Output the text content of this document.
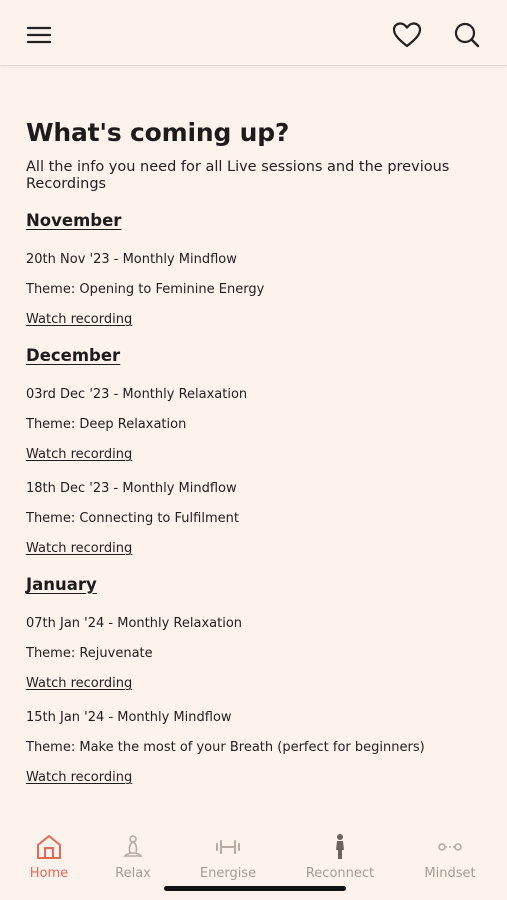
What's coming up?

All the info you need for all Live sessions and the previous Recordings

November
20th Nov '23 - Monthly Mindflow
Theme: Opening to Feminine Energy
Watch recording
December
03rd Dec '23 - Monthly Relaxation
Theme: Deep Relaxation
Watch recording
18th Dec '23 - Monthly Mindflow
Theme: Connecting to Fulfilment
Watch recording
January
07th Jan '24 - Monthly Relaxation
Theme: Rejuvenate
Watch recording
15th Jan '24 - Monthly Mindflow
Theme: Make the most of your Breath (perfect for beginners)
Watch recording
Home	Relax	Energise	Reconnect	Mindset
